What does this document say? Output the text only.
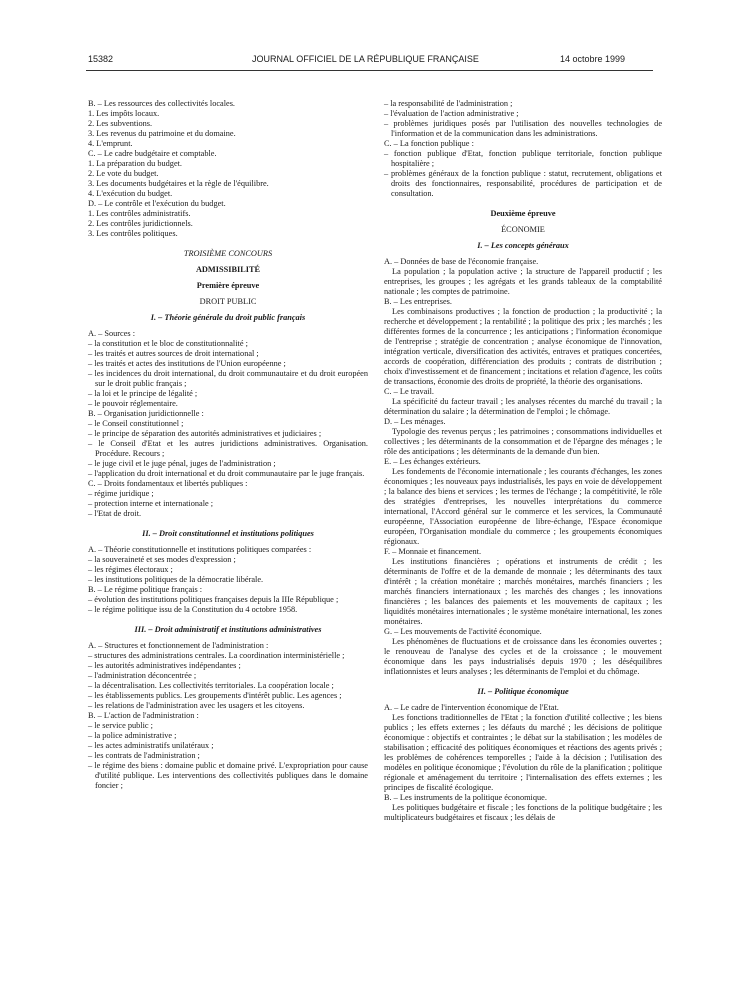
15382	JOURNAL OFFICIEL DE LA RÉPUBLIQUE FRANÇAISE	14 octobre 1999

B. – Les ressources des collectivités locales.

1. Les impôts locaux.

2. Les subventions.

3. Les revenus du patrimoine et du domaine.

4. L'emprunt.

C. – Le cadre budgétaire et comptable.

1. La préparation du budget.

2. Le vote du budget.

3. Les documents budgétaires et la règle de l'équilibre.

4. L'exécution du budget.

D. – Le contrôle et l'exécution du budget.

1. Les contrôles administratifs.

2. Les contrôles juridictionnels.

3. Les contrôles politiques.

TROISIÈME CONCOURS

ADMISSIBILITÉ

Première épreuve

DROIT PUBLIC

I. – Théorie générale du droit public français

A. – Sources :

– la constitution et le bloc de constitutionnalité ;

– les traités et autres sources de droit international ;

– les traités et actes des institutions de l'Union européenne ;

– les incidences du droit international, du droit communautaire et du droit européen sur le droit public français ;

– la loi et le principe de légalité ;

– le pouvoir réglementaire.

B. – Organisation juridictionnelle :

– le Conseil constitutionnel ;

– le principe de séparation des autorités administratives et judiciaires ;

– le Conseil d'Etat et les autres juridictions administratives. Organisation. Procédure. Recours ;

– le juge civil et le juge pénal, juges de l'administration ;

– l'application du droit international et du droit communautaire par le juge français.

C. – Droits fondamentaux et libertés publiques :

– régime juridique ;

– protection interne et internationale ;

– l'Etat de droit.

II. – Droit constitutionnel et institutions politiques

A. – Théorie constitutionnelle et institutions politiques comparées :

– la souveraineté et ses modes d'expression ;

– les régimes électoraux ;

– les institutions politiques de la démocratie libérale.

B. – Le régime politique français :

– évolution des institutions politiques françaises depuis la IIIe République ;

– le régime politique issu de la Constitution du 4 octobre 1958.

III. – Droit administratif et institutions administratives

A. – Structures et fonctionnement de l'administration :

– structures des administrations centrales. La coordination interministérielle ;

– les autorités administratives indépendantes ;

– l'administration déconcentrée ;

– la décentralisation. Les collectivités territoriales. La coopération locale ;

– les établissements publics. Les groupements d'intérêt public. Les agences ;

– les relations de l'administration avec les usagers et les citoyens.

B. – L'action de l'administration :

– le service public ;

– la police administrative ;

– les actes administratifs unilatéraux ;

– les contrats de l'administration ;

– le régime des biens : domaine public et domaine privé. L'expropriation pour cause d'utilité publique. Les interventions des collectivités publiques dans le domaine foncier ;

– la responsabilité de l'administration ;

– l'évaluation de l'action administrative ;

– problèmes juridiques posés par l'utilisation des nouvelles technologies de l'information et de la communication dans les administrations.

C. – La fonction publique :

– fonction publique d'Etat, fonction publique territoriale, fonction publique hospitalière ;

– problèmes généraux de la fonction publique : statut, recrutement, obligations et droits des fonctionnaires, responsabilité, procédures de participation et de consultation.

Deuxième épreuve

ÉCONOMIE

I. – Les concepts généraux

A. – Données de base de l'économie française.

La population ; la population active ; la structure de l'appareil productif ; les entreprises, les groupes ; les agrégats et les grands tableaux de la comptabilité nationale ; les comptes de patrimoine.

B. – Les entreprises.

Les combinaisons productives ; la fonction de production ; la productivité ; la recherche et développement ; la rentabilité ; la politique des prix ; les marchés ; les différentes formes de la concurrence ; les anticipations ; l'information économique de l'entreprise ; stratégie de concentration ; analyse économique de l'innovation, intégration verticale, diversification des activités, entraves et pratiques concertées, accords de coopération, différenciation des produits ; contrats de distribution ; choix d'investissement et de financement ; incitations et relation d'agence, les coûts de transactions, économie des droits de propriété, la théorie des organisations.

C. – Le travail.

La spécificité du facteur travail ; les analyses récentes du marché du travail ; la détermination du salaire ; la détermination de l'emploi ; le chômage.

D. – Les ménages.

Typologie des revenus perçus ; les patrimoines ; consommations individuelles et collectives ; les déterminants de la consommation et de l'épargne des ménages ; le rôle des anticipations ; les déterminants de la demande d'un bien.

E. – Les échanges extérieurs.

Les fondements de l'économie internationale ; les courants d'échanges, les zones économiques ; les nouveaux pays industrialisés, les pays en voie de développement ; la balance des biens et services ; les termes de l'échange ; la compétitivité, le rôle des stratégies d'entreprises, les nouvelles interprétations du commerce international, l'Accord général sur le commerce et les services, la Communauté européenne, l'Association européenne de libre-échange, l'Espace économique européen, l'Organisation mondiale du commerce ; les groupements économiques régionaux.

F. – Monnaie et financement.

Les institutions financières ; opérations et instruments de crédit ; les déterminants de l'offre et de la demande de monnaie ; les déterminants des taux d'intérêt ; la création monétaire ; marchés monétaires, marchés financiers ; les marchés financiers internationaux ; les marchés des changes ; les innovations financières ; les balances des paiements et les mouvements de capitaux ; les liquidités monétaires internationales ; le système monétaire international, les zones monétaires.

G. – Les mouvements de l'activité économique.

Les phénomènes de fluctuations et de croissance dans les économies ouvertes ; le renouveau de l'analyse des cycles et de la croissance ; le mouvement économique dans les pays industrialisés depuis 1970 ; les déséquilibres inflationnistes et leurs analyses ; les déterminants de l'emploi et du chômage.

II. – Politique économique

A. – Le cadre de l'intervention économique de l'Etat.

Les fonctions traditionnelles de l'Etat ; la fonction d'utilité collective ; les biens publics ; les effets externes ; les défauts du marché ; les décisions de politique économique : objectifs et contraintes ; le débat sur la stabilisation ; les modèles de stabilisation ; efficacité des politiques économiques et réactions des agents privés ; les problèmes de cohérences temporelles ; l'aide à la décision ; l'utilisation des modèles en politique économique ; l'évolution du rôle de la planification ; politique régionale et aménagement du territoire ; l'internalisation des effets externes ; les principes de fiscalité écologique.

B. – Les instruments de la politique économique.

Les politiques budgétaire et fiscale ; les fonctions de la politique budgétaire ; les multiplicateurs budgétaires et fiscaux ; les délais de
